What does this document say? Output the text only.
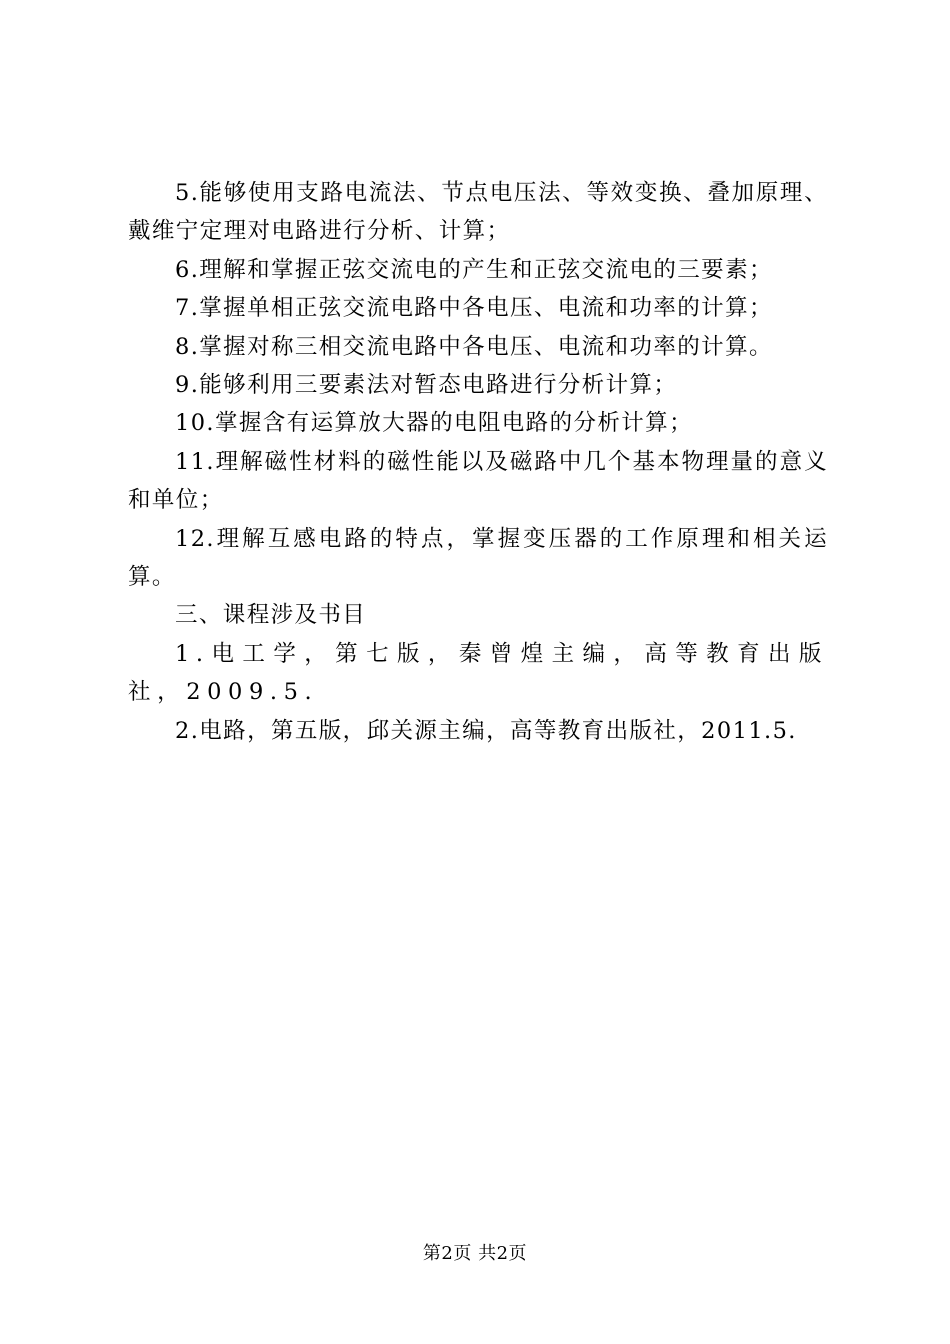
5.能够使用支路电流法、节点电压法、等效变换、叠加原理、戴维宁定理对电路进行分析、计算；

6.理解和掌握正弦交流电的产生和正弦交流电的三要素；

7.掌握单相正弦交流电路中各电压、电流和功率的计算；

8.掌握对称三相交流电路中各电压、电流和功率的计算。

9.能够利用三要素法对暂态电路进行分析计算；

10.掌握含有运算放大器的电阻电路的分析计算；

11.理解磁性材料的磁性能以及磁路中几个基本物理量的意义和单位；

12.理解互感电路的特点，掌握变压器的工作原理和相关运算。

三、课程涉及书目

1.电工学，第七版，秦曾煌主编，高等教育出版社，2009.5.

2.电路，第五版，邱关源主编，高等教育出版社，2011.5.

第2页 共2页
